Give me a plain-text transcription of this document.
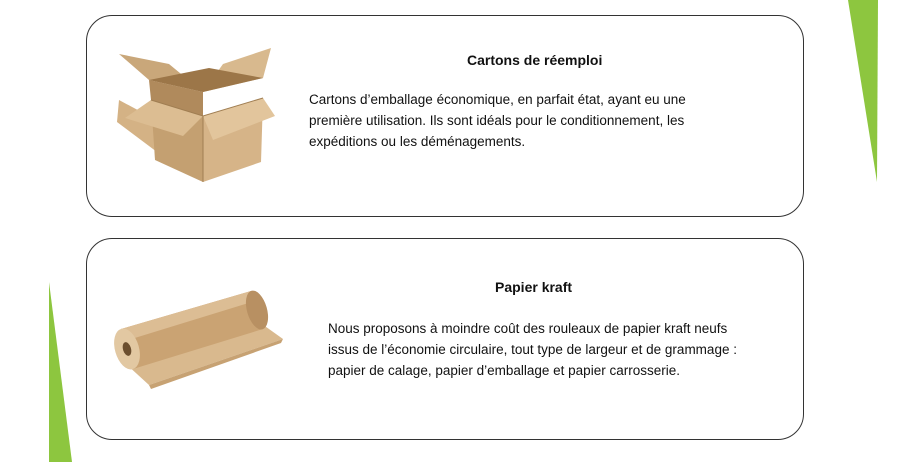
Cartons de réemploi

Cartons d’emballage économique, en parfait état, ayant eu une première utilisation. Ils sont idéals pour le conditionnement, les expéditions ou les déménagements.

Papier kraft

Nous proposons à moindre coût des rouleaux de papier kraft neufs issus de l’économie circulaire, tout type de largeur et de grammage : papier de calage, papier d’emballage et papier carrosserie.
